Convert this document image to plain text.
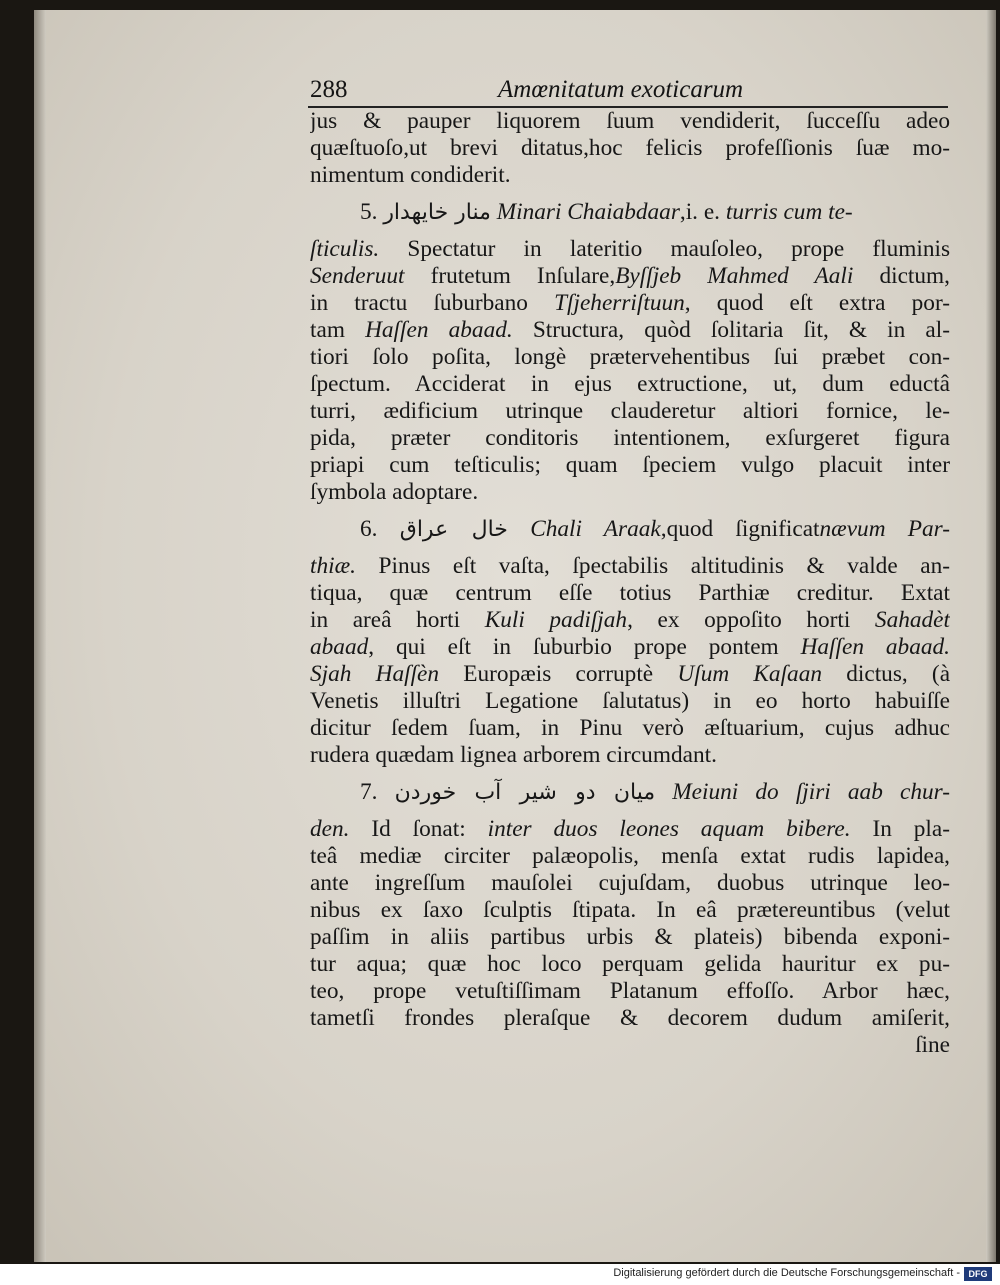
288	Amœnitatum exoticarum
jus & pauper liquorem ſuum vendiderit, ſucceſſu adeo
quæſtuoſo,ut brevi ditatus,hoc felicis profeſſionis ſuæ mo-
nimentum condiderit.
5. منار خايهدار Minari Chaiabdaar,i. e. turris cum te-
ſticulis. Spectatur in lateritio mauſoleo, prope fluminis
Senderuut frutetum Inſulare,Byſſjeb Mahmed Aali dictum,
in tractu ſuburbano Tſjeherriſtuun, quod eſt extra por-
tam Haſſen abaad. Structura, quòd ſolitaria ſit, & in al-
tiori ſolo poſita, longè prætervehentibus ſui præbet con-
ſpectum. Acciderat in ejus extructione, ut, dum eductâ
turri, ædificium utrinque clauderetur altiori fornice, le-
pida, præter conditoris intentionem, exſurgeret figura
priapi cum teſticulis; quam ſpeciem vulgo placuit inter
ſymbola adoptare.
6. خال عراق Chali Araak,quod ſignificatnævum Par-
thiæ. Pinus eſt vaſta, ſpectabilis altitudinis & valde an-
tiqua, quæ centrum eſſe totius Parthiæ creditur. Extat
in areâ horti Kuli padiſjah, ex oppoſito horti Sahadèt
abaad, qui eſt in ſuburbio prope pontem Haſſen abaad.
Sjah Haſſèn Europæis corruptè Uſum Kaſaan dictus, (à
Venetis illuſtri Legatione ſalutatus) in eo horto habuiſſe
dicitur ſedem ſuam, in Pinu verò æſtuarium, cujus adhuc
rudera quædam lignea arborem circumdant.
7. ميان دو شير آب خوردن Meiuni do ſjiri aab chur-
den. Id ſonat: inter duos leones aquam bibere. In pla-
teâ mediæ circiter palæopolis, menſa extat rudis lapidea,
ante ingreſſum mauſolei cujuſdam, duobus utrinque leo-
nibus ex ſaxo ſculptis ſtipata. In eâ prætereuntibus (velut
paſſim in aliis partibus urbis & plateis) bibenda exponi-
tur aqua; quæ hoc loco perquam gelida hauritur ex pu-
teo, prope vetuſtiſſimam Platanum effoſſo. Arbor hæc,
tametſi frondes pleraſque & decorem dudum amiſerit,
ſine
Digitalisierung gefördert durch die Deutsche Forschungsgemeinschaft - DFG
